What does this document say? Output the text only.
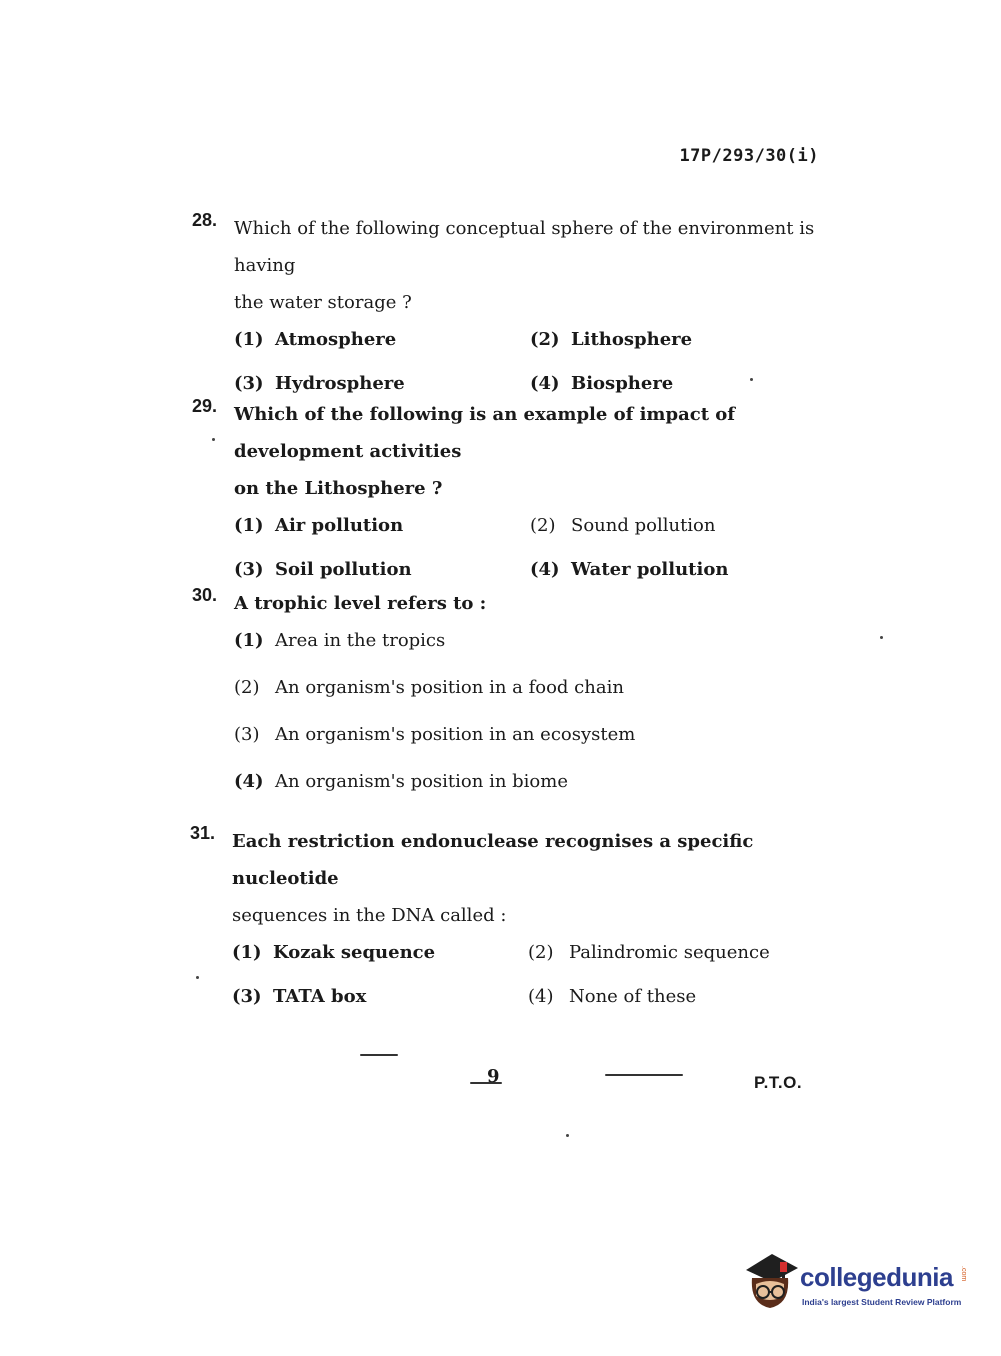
17P/293/30(i)
28. Which of the following conceptual sphere of the environment is having
the water storage ?
(1) Atmosphere	(2) Lithosphere
(3) Hydrosphere	(4) Biosphere
29. Which of the following is an example of impact of development activities
on the Lithosphere ?
(1) Air pollution	(2) Sound pollution
(3) Soil pollution	(4) Water pollution
30. A trophic level refers to :
(1) Area in the tropics
(2) An organism's position in a food chain
(3) An organism's position in an ecosystem
(4) An organism's position in biome
31. Each restriction endonuclease recognises a specific nucleotide
sequences in the DNA called :
(1) Kozak sequence	(2) Palindromic sequence
(3) TATA box	(4) None of these
9	P.T.O.
collegedunia .com
India's largest Student Review Platform
